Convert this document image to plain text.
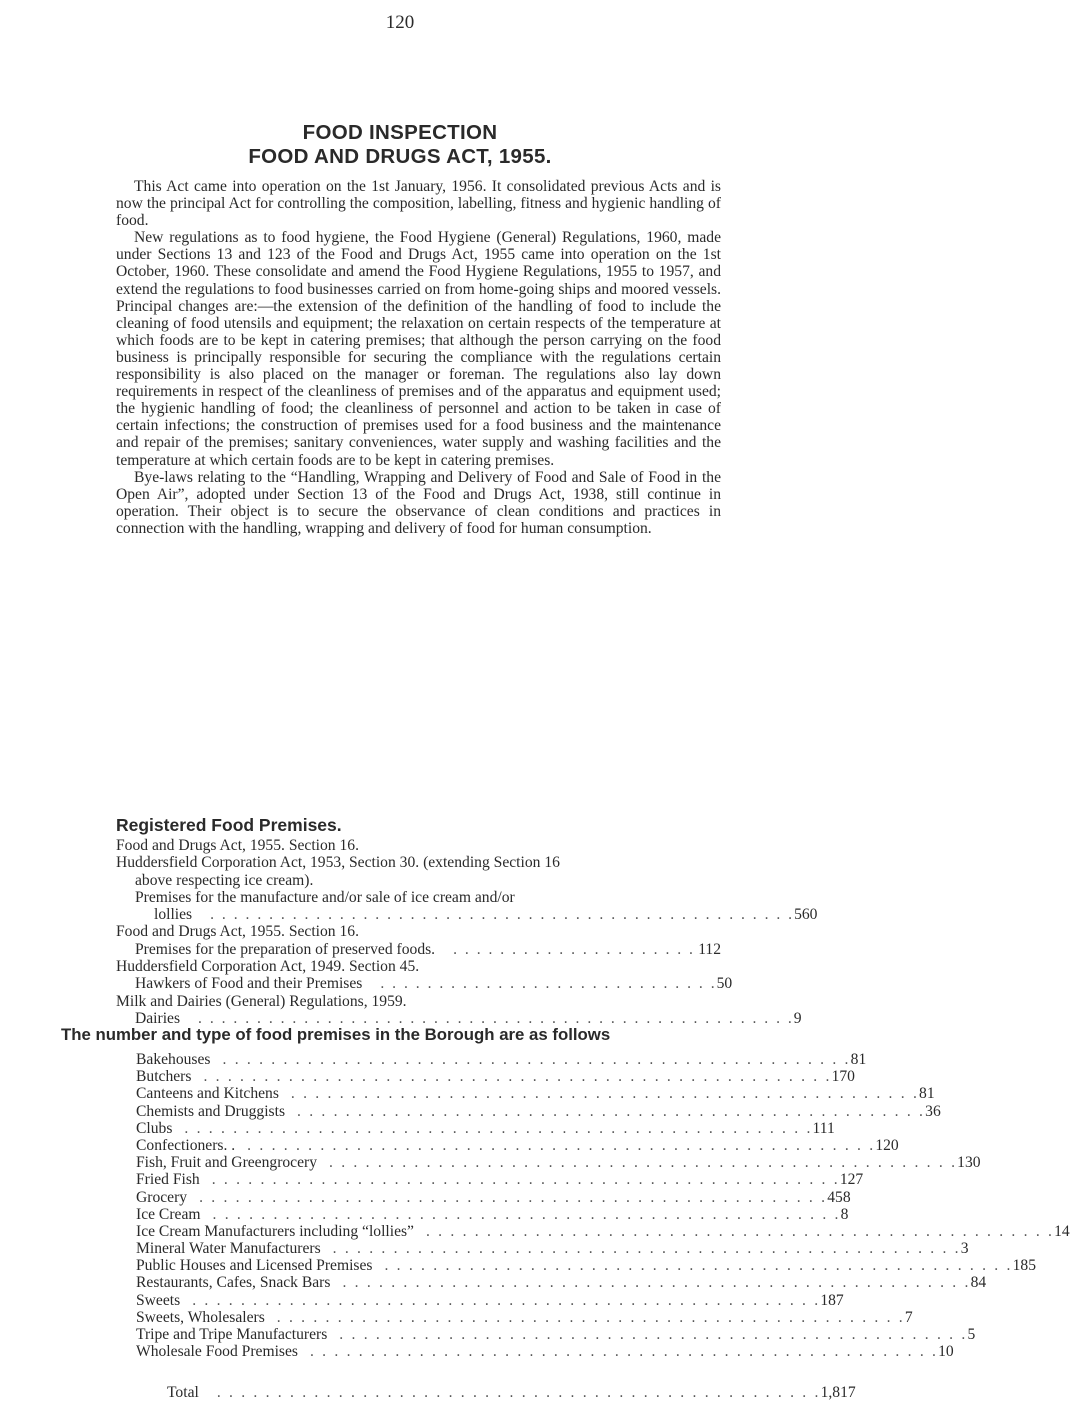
120
FOOD INSPECTION
FOOD AND DRUGS ACT, 1955.

This Act came into operation on the 1st January, 1956. It consolidated previous Acts and is now the principal Act for controlling the composition, labelling, fitness and hygienic handling of food.

New regulations as to food hygiene, the Food Hygiene (General) Regulations, 1960, made under Sections 13 and 123 of the Food and Drugs Act, 1955 came into operation on the 1st October, 1960. These consolidate and amend the Food Hygiene Regulations, 1955 to 1957, and extend the regulations to food businesses carried on from home-going ships and moored vessels. Principal changes are:—the extension of the definition of the handling of food to include the cleaning of food utensils and equipment; the relaxation on certain respects of the temperature at which foods are to be kept in catering premises; that although the person carrying on the food business is principally responsible for securing the compliance with the regulations certain responsibility is also placed on the manager or foreman. The regulations also lay down requirements in respect of the cleanliness of premises and of the apparatus and equipment used; the hygienic handling of food; the cleanliness of personnel and action to be taken in case of certain infections; the construction of premises used for a food business and the maintenance and repair of the premises; sanitary conveniences, water supply and washing facilities and the temperature at which certain foods are to be kept in catering premises.

Bye-laws relating to the “Handling, Wrapping and Delivery of Food and Sale of Food in the Open Air”, adopted under Section 13 of the Food and Drugs Act, 1938, still continue in operation. Their object is to secure the observance of clean conditions and practices in connection with the handling, wrapping and delivery of food for human consumption.

Registered Food Premises.
Food and Drugs Act, 1955. Section 16.
Huddersfield Corporation Act, 1953, Section 30. (extending Section 16
above respecting ice cream).
Premises for the manufacture and/or sale of ice cream and/or
lollies	. . . . . . . . . . . . . . . . . . . . . . . . . . . . . . . . . . . . . . . . . . . . . . . . . . 560
Food and Drugs Act, 1955. Section 16.
Premises for the preparation of preserved foods.	. . . . . . . . . . . . . . . . . . . . . 112
Huddersfield Corporation Act, 1949. Section 45.
Hawkers of Food and their Premises	. . . . . . . . . . . . . . . . . . . . . . . . . . . . . 50
Milk and Dairies (General) Regulations, 1959.
Dairies	. . . . . . . . . . . . . . . . . . . . . . . . . . . . . . . . . . . . . . . . . . . . . . . . . . . 9
The number and type of food premises in the Borough are as follows
Bakehouses . . . . . . . . . . . . . . . . . . . . . . . . . . . . . . . . . . . . . . . . . . . . . . . . . . . . 81
Butchers . . . . . . . . . . . . . . . . . . . . . . . . . . . . . . . . . . . . . . . . . . . . . . . . . . . . 170
Canteens and Kitchens . . . . . . . . . . . . . . . . . . . . . . . . . . . . . . . . . . . . . . . . . . . . . . . . . . . . 81
Chemists and Druggists . . . . . . . . . . . . . . . . . . . . . . . . . . . . . . . . . . . . . . . . . . . . . . . . . . . . 36
Clubs . . . . . . . . . . . . . . . . . . . . . . . . . . . . . . . . . . . . . . . . . . . . . . . . . . . . 111
Confectioners. . . . . . . . . . . . . . . . . . . . . . . . . . . . . . . . . . . . . . . . . . . . . . . . . . . . . . 120
Fish, Fruit and Greengrocery . . . . . . . . . . . . . . . . . . . . . . . . . . . . . . . . . . . . . . . . . . . . . . . . . . . . 130
Fried Fish . . . . . . . . . . . . . . . . . . . . . . . . . . . . . . . . . . . . . . . . . . . . . . . . . . . . 127
Grocery . . . . . . . . . . . . . . . . . . . . . . . . . . . . . . . . . . . . . . . . . . . . . . . . . . . . 458
Ice Cream . . . . . . . . . . . . . . . . . . . . . . . . . . . . . . . . . . . . . . . . . . . . . . . . . . . . 8
Ice Cream Manufacturers including “lollies” . . . . . . . . . . . . . . . . . . . . . . . . . . . . . . . . . . . . . . . . . . . . . . . . . . . . 14
Mineral Water Manufacturers . . . . . . . . . . . . . . . . . . . . . . . . . . . . . . . . . . . . . . . . . . . . . . . . . . . . 3
Public Houses and Licensed Premises . . . . . . . . . . . . . . . . . . . . . . . . . . . . . . . . . . . . . . . . . . . . . . . . . . . . 185
Restaurants, Cafes, Snack Bars . . . . . . . . . . . . . . . . . . . . . . . . . . . . . . . . . . . . . . . . . . . . . . . . . . . . 84
Sweets . . . . . . . . . . . . . . . . . . . . . . . . . . . . . . . . . . . . . . . . . . . . . . . . . . . . 187
Sweets, Wholesalers . . . . . . . . . . . . . . . . . . . . . . . . . . . . . . . . . . . . . . . . . . . . . . . . . . . . 7
Tripe and Tripe Manufacturers . . . . . . . . . . . . . . . . . . . . . . . . . . . . . . . . . . . . . . . . . . . . . . . . . . . . 5
Wholesale Food Premises . . . . . . . . . . . . . . . . . . . . . . . . . . . . . . . . . . . . . . . . . . . . . . . . . . . . 10
Total	. . . . . . . . . . . . . . . . . . . . . . . . . . . . . . . . . . . . . . . . . . . . . . . . . . 1,817
